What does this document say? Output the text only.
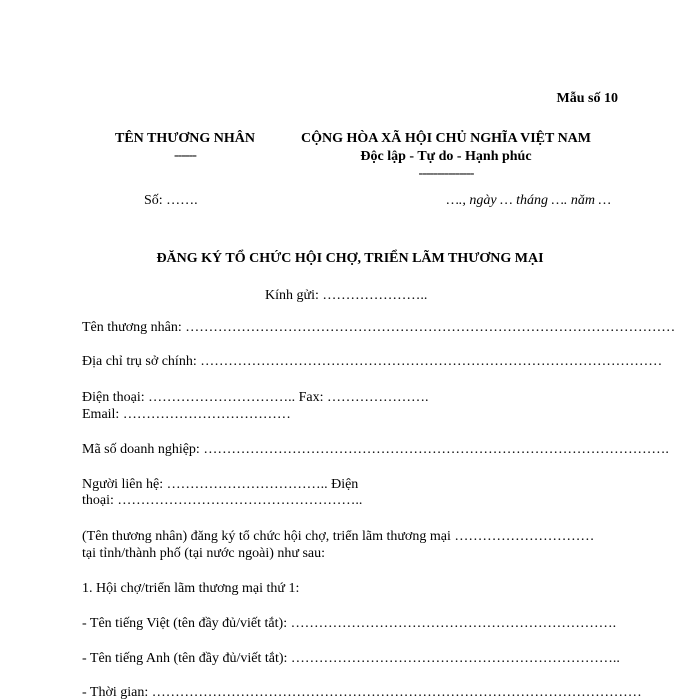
Mẫu số 10
TÊN THƯƠNG NHÂN
------
CỘNG HÒA XÃ HỘI CHỦ NGHĨA VIỆT NAM
Độc lập - Tự do - Hạnh phúc
---------------
Số: …….	…., ngày … tháng …. năm …
ĐĂNG KÝ TỔ CHỨC HỘI CHỢ, TRIỂN LÃM THƯƠNG MẠI
Kính gửi: …………………..
Tên thương nhân: ……………………………………………………………………………………………
Địa chỉ trụ sở chính: ………………………………………………………………………………………
Điện thoại: ………………………….. Fax: ………………….
Email: ………………………………
Mã số doanh nghiệp: ……………………………………………………………………………………….
Người liên hệ: …………………………….. Điện
thoại: ……………………………………………..
(Tên thương nhân) đăng ký tổ chức hội chợ, triển lãm thương mại …………………………
tại tỉnh/thành phố (tại nước ngoài) như sau:
1. Hội chợ/triển lãm thương mại thứ 1:
- Tên tiếng Việt (tên đầy đủ/viết tắt): …………………………………………………………….
- Tên tiếng Anh (tên đầy đủ/viết tắt): ……………………………………………………………..
- Thời gian: ……………………………………………………………………………………………
